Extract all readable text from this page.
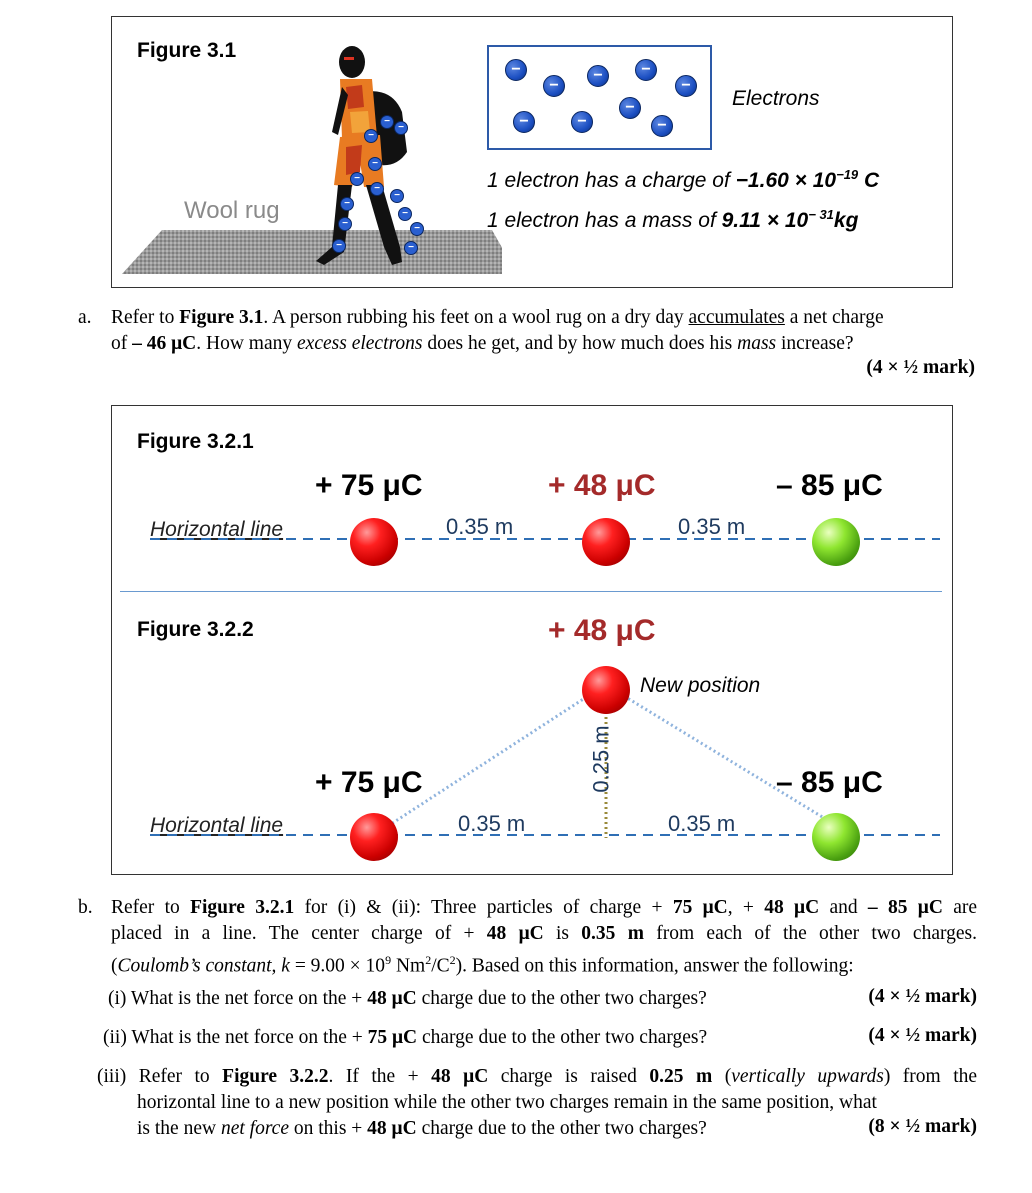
Figure 3.1
Wool rug
−
−
−
−
−
−
−
−
−
−	−
−	−
−
−
−	−
−
−	−
−
−
Electrons
1 electron has a charge of $-1.60 \times 10^{-19}$ C
1 electron has a mass of $9.11 \times 10^{- 31}kg$
a. Refer to Figure 3.1. A person rubbing his feet on a wool rug on a dry day accumulates a net charge
of – 46 μC. How many excess electrons does he get, and by how much does his mass increase?
(4 × ½ mark)
Figure 3.2.1
+ 75 μC	+ 48 μC	– 85 μC
Horizontal line	0.35 m	0.35 m
Figure 3.2.2	+ 48 μC
New position
0.25 m
+ 75 μC	– 85 μC
Horizontal line	0.35 m	0.35 m
b. Refer to Figure 3.2.1 for (i) & (ii): Three particles of charge + 75 μC, + 48 μC and – 85 μC are
placed in a line. The center charge of + 48 μC is 0.35 m from each of the other two charges.
(Coulomb’s constant, $k = 9.00 \times 10^9$ $Nm^2/C^2$). Based on this information, answer the following:
(i) What is the net force on the + 48 μC charge due to the other two charges?	(4 × ½ mark)
(ii) What is the net force on the + 75 μC charge due to the other two charges?	(4 × ½ mark)
(iii) Refer to Figure 3.2.2. If the + 48 μC charge is raised 0.25 m (vertically upwards) from the
horizontal line to a new position while the other two charges remain in the same position, what
is the new net force on this + 48 μC charge due to the other two charges?	(8 × ½ mark)
